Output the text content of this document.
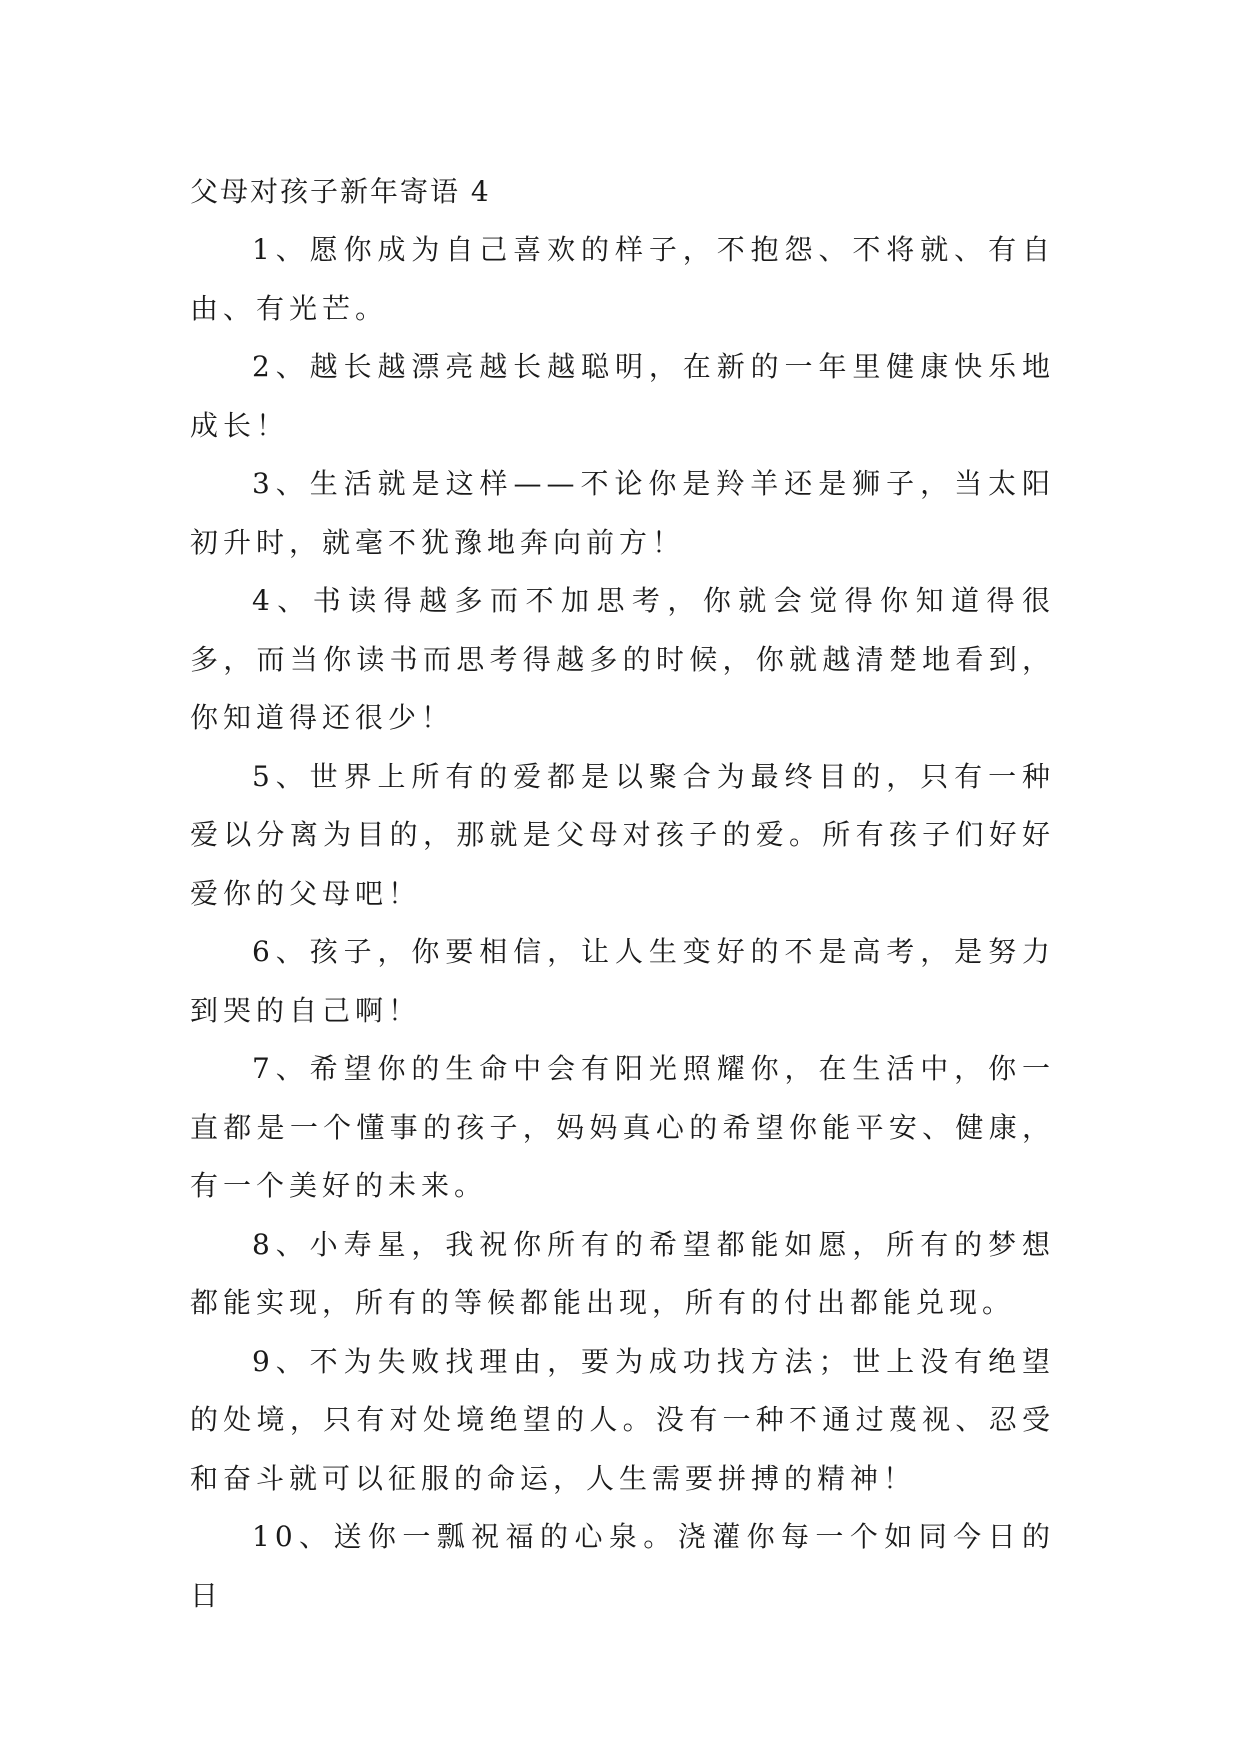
父母对孩子新年寄语 4

1、愿你成为自己喜欢的样子，不抱怨、不将就、有自由、有光芒。

2、越长越漂亮越长越聪明，在新的一年里健康快乐地成长！

3、生活就是这样——不论你是羚羊还是狮子，当太阳初升时，就毫不犹豫地奔向前方！

4、书读得越多而不加思考，你就会觉得你知道得很多，而当你读书而思考得越多的时候，你就越清楚地看到，你知道得还很少！

5、世界上所有的爱都是以聚合为最终目的，只有一种爱以分离为目的，那就是父母对孩子的爱。所有孩子们好好爱你的父母吧！

6、孩子，你要相信，让人生变好的不是高考，是努力到哭的自己啊！

7、希望你的生命中会有阳光照耀你，在生活中，你一直都是一个懂事的孩子，妈妈真心的希望你能平安、健康，有一个美好的未来。

8、小寿星，我祝你所有的希望都能如愿，所有的梦想都能实现，所有的等候都能出现，所有的付出都能兑现。

9、不为失败找理由，要为成功找方法；世上没有绝望的处境，只有对处境绝望的人。没有一种不通过蔑视、忍受和奋斗就可以征服的命运，人生需要拼搏的精神！

10、送你一瓢祝福的心泉。浇灌你每一个如同今日的日
